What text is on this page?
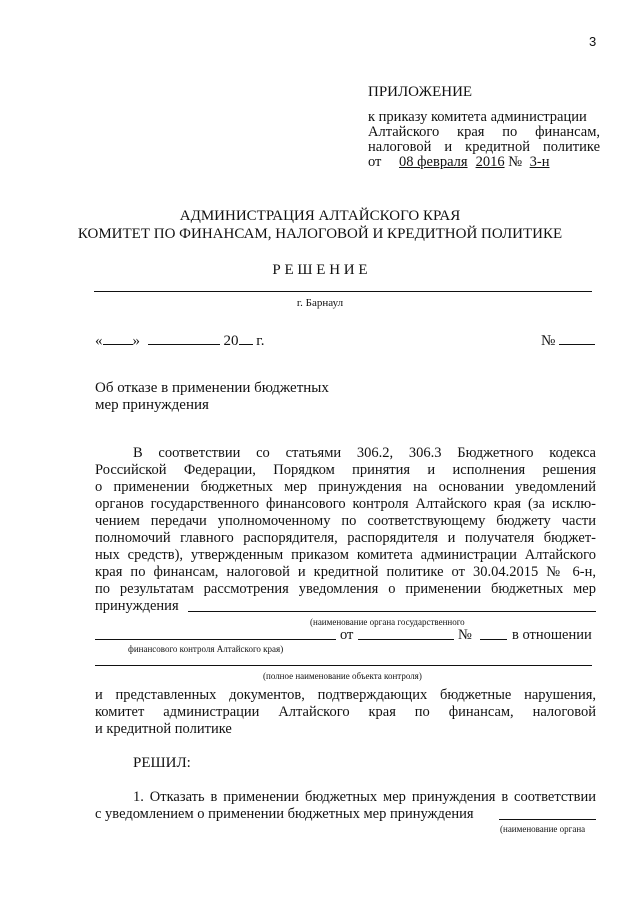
3
ПРИЛОЖЕНИЕ
к приказу комитета администрации
Алтайского края по финансам,
налоговой и кредитной политике
от 08 февраля 2016 № 3-н
АДМИНИСТРАЦИЯ АЛТАЙСКОГО КРАЯ
КОМИТЕТ ПО ФИНАНСАМ, НАЛОГОВОЙ И КРЕДИТНОЙ ПОЛИТИКЕ
Р Е Ш Е Н И Е
г. Барнаул
« »	20 г.	№
Об отказе в применении бюджетных
мер принуждения
В соответствии со статьями 306.2, 306.3 Бюджетного кодекса
Российской Федерации, Порядком принятия и исполнения решения
о применении бюджетных мер принуждения на основании уведомлений
органов государственного финансового контроля Алтайского края (за исклю-
чением передачи уполномоченному по соответствующему бюджету части
полномочий главного распорядителя, распорядителя и получателя бюджет-
ных средств), утвержденным приказом комитета администрации Алтайского
края по финансам, налоговой и кредитной политике от 30.04.2015 № 6-н,
по результатам рассмотрения уведомления о применении бюджетных мер
принуждения
(наименование органа государственного
от	№	в отношении
финансового контроля Алтайского края)
(полное наименование объекта контроля)
и представленных документов, подтверждающих бюджетные нарушения,
комитет администрации Алтайского края по финансам, налоговой
и кредитной политике
РЕШИЛ:
1. Отказать в применении бюджетных мер принуждения в соответствии
с уведомлением о применении бюджетных мер принуждения
(наименование органа
